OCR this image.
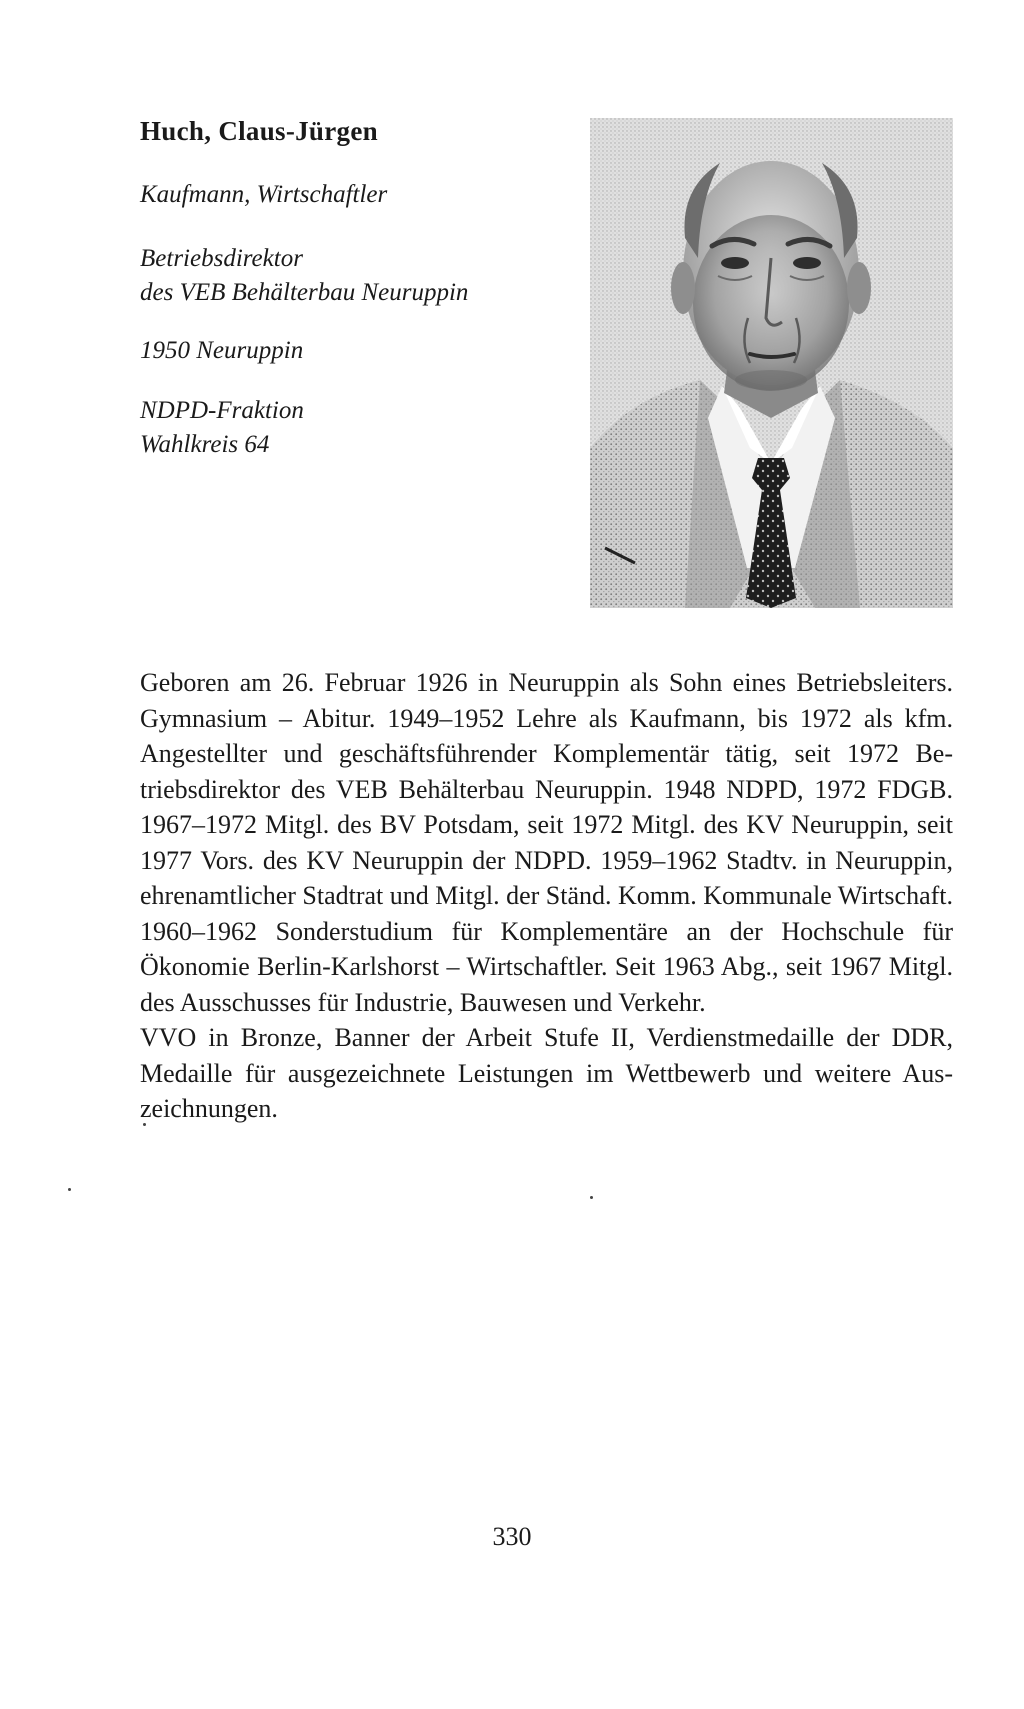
Huch, Claus-Jürgen
Kaufmann, Wirtschaftler
Betriebsdirektor
des VEB Behälterbau Neuruppin
1950 Neuruppin
NDPD-Fraktion
Wahlkreis 64

Geboren am 26. Februar 1926 in Neuruppin als Sohn eines Betriebsleiters. Gymnasium – Abitur. 1949–1952 Lehre als Kaufmann, bis 1972 als kfm. Angestellter und geschäftsführender Komplementär tätig, seit 1972 Betriebsdirektor des VEB Behälterbau Neuruppin. 1948 NDPD, 1972 FDGB. 1967–1972 Mitgl. des BV Potsdam, seit 1972 Mitgl. des KV Neuruppin, seit 1977 Vors. des KV Neuruppin der NDPD. 1959–1962 Stadtv. in Neuruppin, ehrenamtlicher Stadtrat und Mitgl. der Ständ. Komm. Kommunale Wirtschaft. 1960–1962 Sonderstudium für Komplementäre an der Hochschule für Ökonomie Berlin-Karlshorst – Wirtschaftler. Seit 1963 Abg., seit 1967 Mitgl. des Ausschusses für Industrie, Bauwesen und Verkehr.

VVO in Bronze, Banner der Arbeit Stufe II, Verdienstmedaille der DDR, Medaille für ausgezeichnete Leistungen im Wettbewerb und weitere Auszeichnungen.

330
